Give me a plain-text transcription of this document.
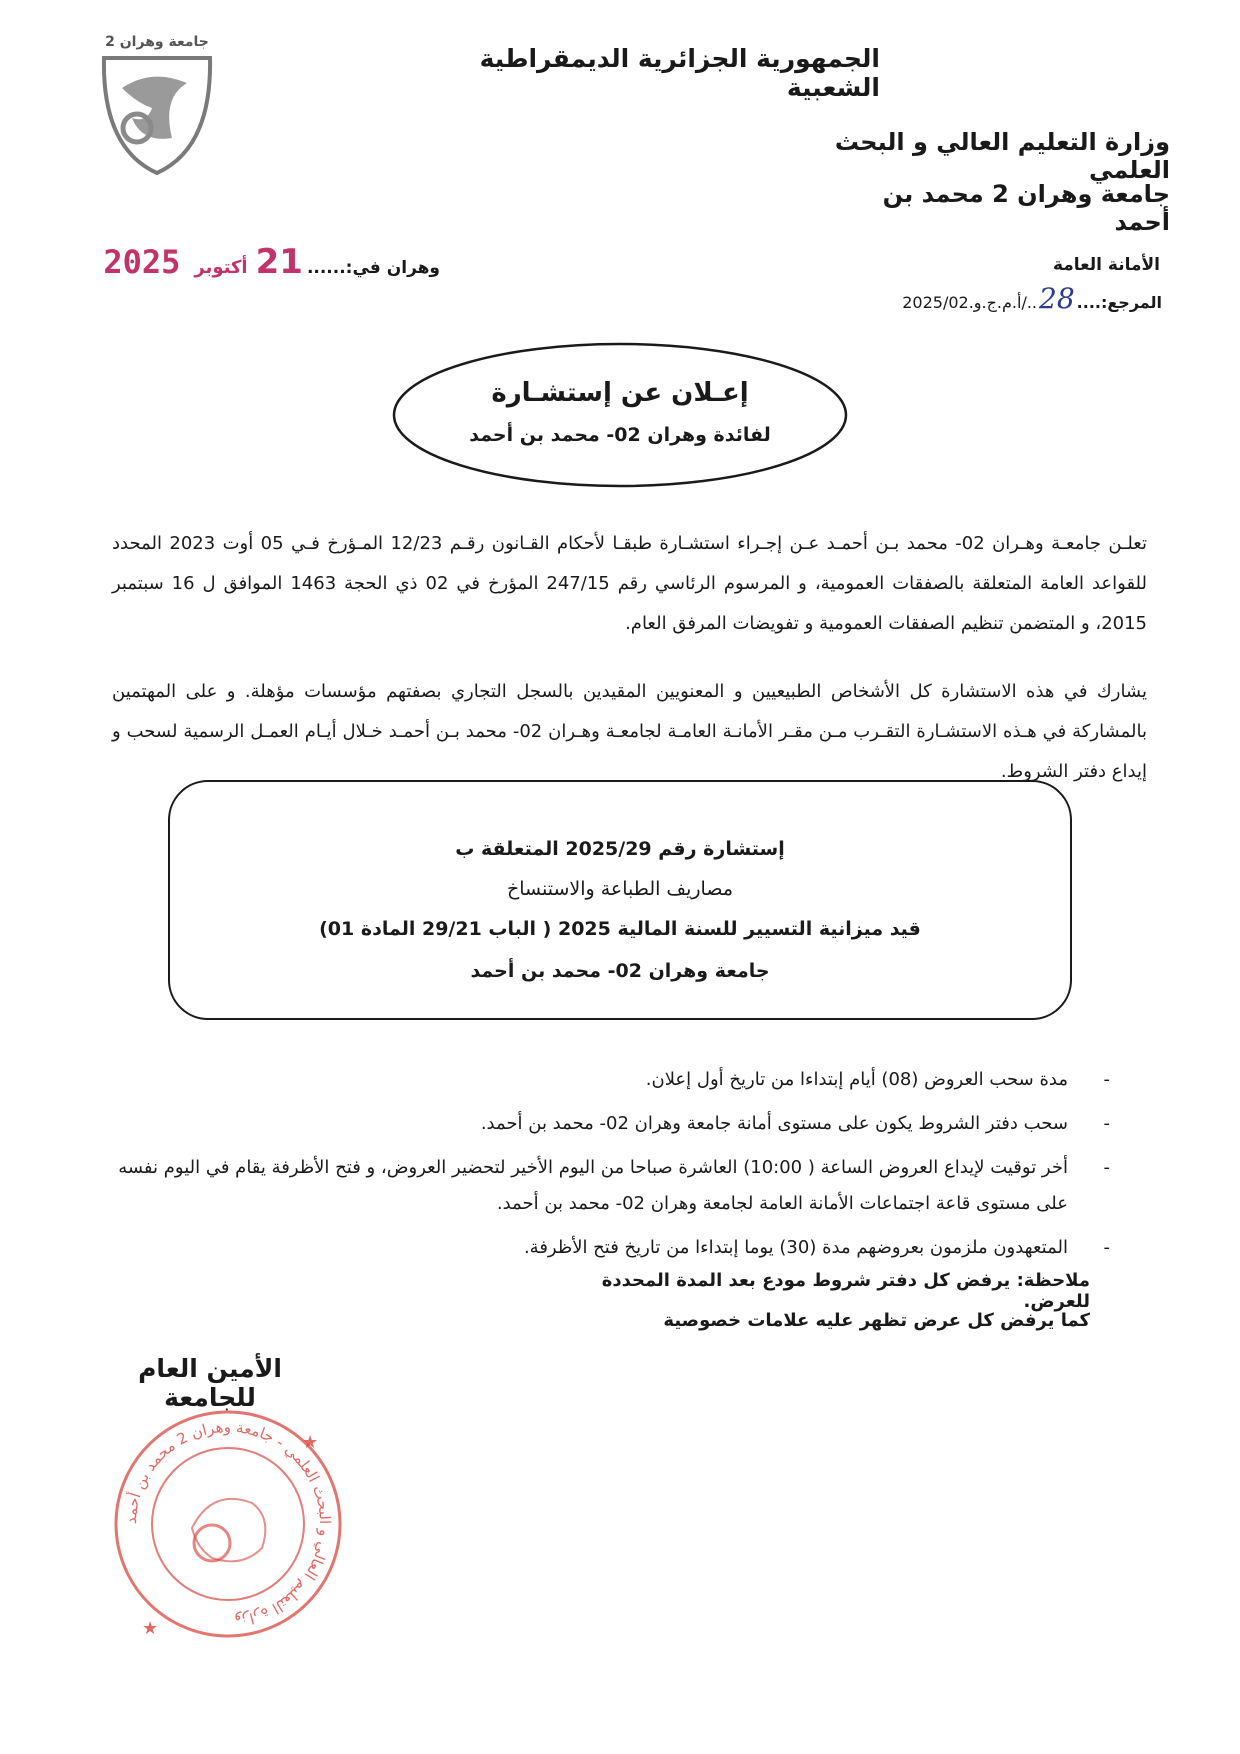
جامعة وهران 2
الجمهورية الجزائرية الديمقراطية الشعبية
وزارة التعليم العالي و البحث العلمي
جامعة وهران 2 محمد بن أحمد
الأمانة العامة
المرجع:....
28
../أ.م.ج.و.2025/02
وهران في:......
21
أكتوبر
2025
إعـلان عن إستشـارة
لفائدة وهران 02- محمد بن أحمد
تعلـن جامعـة وهـران 02- محمد بـن أحمـد عـن إجـراء استشـارة طبقـا لأحكام القـانون رقـم 12/23 المـؤرخ فـي 05 أوت 2023 المحدد للقواعد العامة المتعلقة بالصفقات العمومية، و المرسوم الرئاسي رقم 247/15 المؤرخ في 02 ذي الحجة 1463 الموافق ل 16 سبتمبر 2015، و المتضمن تنظيم الصفقات العمومية و تفويضات المرفق العام.
يشارك في هذه الاستشارة كل الأشخاص الطبيعيين و المعنويين المقيدين بالسجل التجاري بصفتهم مؤسسات مؤهلة. و على المهتمين بالمشاركة في هـذه الاستشـارة التقـرب مـن مقـر الأمانـة العامـة لجامعـة وهـران 02- محمد بـن أحمـد خـلال أيـام العمـل الرسمية لسحب و إيداع دفتر الشروط.
إستشارة رقم 2025/29 المتعلقة ب
مصاريف الطباعة والاستنساخ
قيد ميزانية التسيير للسنة المالية 2025 ( الباب 29/21 المادة 01)
جامعة وهران 02- محمد بن أحمد
- مدة سحب العروض (08) أيام إبتداءا من تاريخ أول إعلان.
- سحب دفتر الشروط يكون على مستوى أمانة جامعة وهران 02- محمد بن أحمد.
- أخر توقيت لإيداع العروض الساعة ( 10:00) العاشرة صباحا من اليوم الأخير لتحضير العروض، و فتح الأظرفة يقام في اليوم نفسه على مستوى قاعة اجتماعات الأمانة العامة لجامعة وهران 02- محمد بن أحمد.
- المتعهدون ملزمون بعروضهم مدة (30) يوما إبتداءا من تاريخ فتح الأظرفة.
ملاحظة: يرفض كل دفتر شروط مودع بعد المدة المحددة للعرض.
كما يرفض كل عرض تظهر عليه علامات خصوصية
الأمين العام للجامعة
وزارة التعليم العالي و البحث العلمي - جامعة وهران 2 محمد بن أحمد
★
★
